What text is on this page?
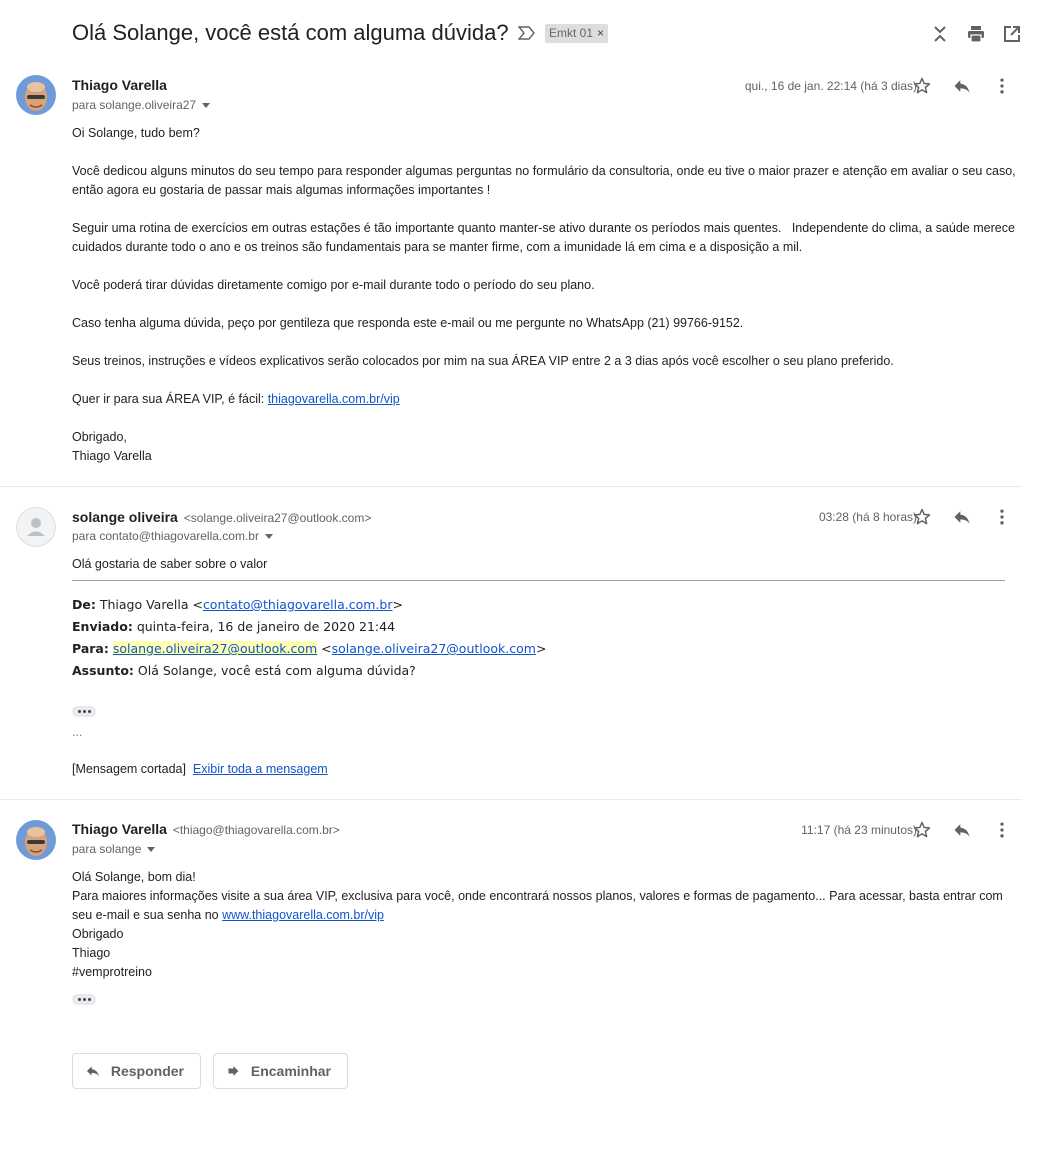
Olá Solange, você está com alguma dúvida?	Emkt 01 ×
Thiago Varella
para solange.oliveira27
qui., 16 de jan. 22:14 (há 3 dias)

Oi Solange, tudo bem?

Você dedicou alguns minutos do seu tempo para responder algumas perguntas no formulário da consultoria, onde eu tive o maior prazer e atenção em avaliar o seu caso, então agora eu gostaria de passar mais algumas informações importantes !

Seguir uma rotina de exercícios em outras estações é tão importante quanto manter-se ativo durante os períodos mais quentes.   Independente do clima, a saúde merece cuidados durante todo o ano e os treinos são fundamentais para se manter firme, com a imunidade lá em cima e a disposição a mil.

Você poderá tirar dúvidas diretamente comigo por e-mail durante todo o período do seu plano.

Caso tenha alguma dúvida, peço por gentileza que responda este e-mail ou me pergunte no WhatsApp (21) 99766-9152.

Seus treinos, instruções e vídeos explicativos serão colocados por mim na sua ÁREA VIP entre 2 a 3 dias após você escolher o seu plano preferido.

Quer ir para sua ÁREA VIP, é fácil: thiagovarella.com.br/vip

Obrigado,

Thiago Varella

solange oliveira <solange.oliveira27@outlook.com>
para contato@thiagovarella.com.br
03:28 (há 8 horas)

Olá gostaria de saber sobre o valor

De: Thiago Varella <contato@thiagovarella.com.br>
Enviado: quinta-feira, 16 de janeiro de 2020 21:44
Para: solange.oliveira27@outlook.com <solange.oliveira27@outlook.com>
Assunto: Olá Solange, você está com alguma dúvida?
...
[Mensagem cortada] Exibir toda a mensagem
Thiago Varella <thiago@thiagovarella.com.br>
para solange
11:17 (há 23 minutos)

Olá Solange, bom dia!

Para maiores informações visite a sua área VIP, exclusiva para você, onde encontrará nossos planos, valores e formas de pagamento... Para acessar, basta entrar com seu e-mail e sua senha no www.thiagovarella.com.br/vip

Obrigado

Thiago

#vemprotreino

Responder	Encaminhar
